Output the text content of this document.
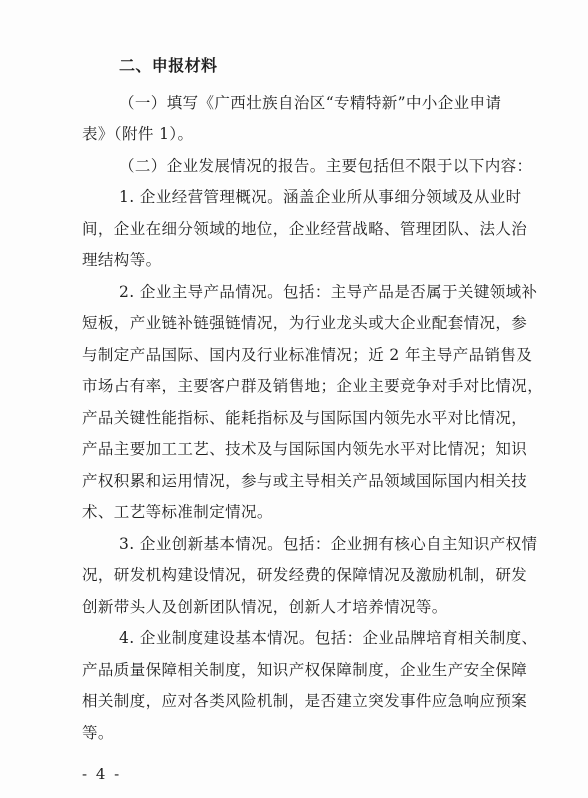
二、申报材料
（一）填写《广西壮族自治区“专精特新”中小企业申请
表》（附件 1）。
（二）企业发展情况的报告。主要包括但不限于以下内容：
1. 企业经营管理概况。涵盖企业所从事细分领域及从业时
间，企业在细分领域的地位，企业经营战略、管理团队、法人治
理结构等。
2. 企业主导产品情况。包括：主导产品是否属于关键领域补
短板，产业链补链强链情况，为行业龙头或大企业配套情况，参
与制定产品国际、国内及行业标准情况；近 2 年主导产品销售及
市场占有率，主要客户群及销售地；企业主要竞争对手对比情况，
产品关键性能指标、能耗指标及与国际国内领先水平对比情况，
产品主要加工工艺、技术及与国际国内领先水平对比情况；知识
产权积累和运用情况，参与或主导相关产品领域国际国内相关技
术、工艺等标准制定情况。
3. 企业创新基本情况。包括：企业拥有核心自主知识产权情
况，研发机构建设情况，研发经费的保障情况及激励机制，研发
创新带头人及创新团队情况，创新人才培养情况等。
4. 企业制度建设基本情况。包括：企业品牌培育相关制度、
产品质量保障相关制度，知识产权保障制度，企业生产安全保障
相关制度，应对各类风险机制，是否建立突发事件应急响应预案
等。
- 4 -
